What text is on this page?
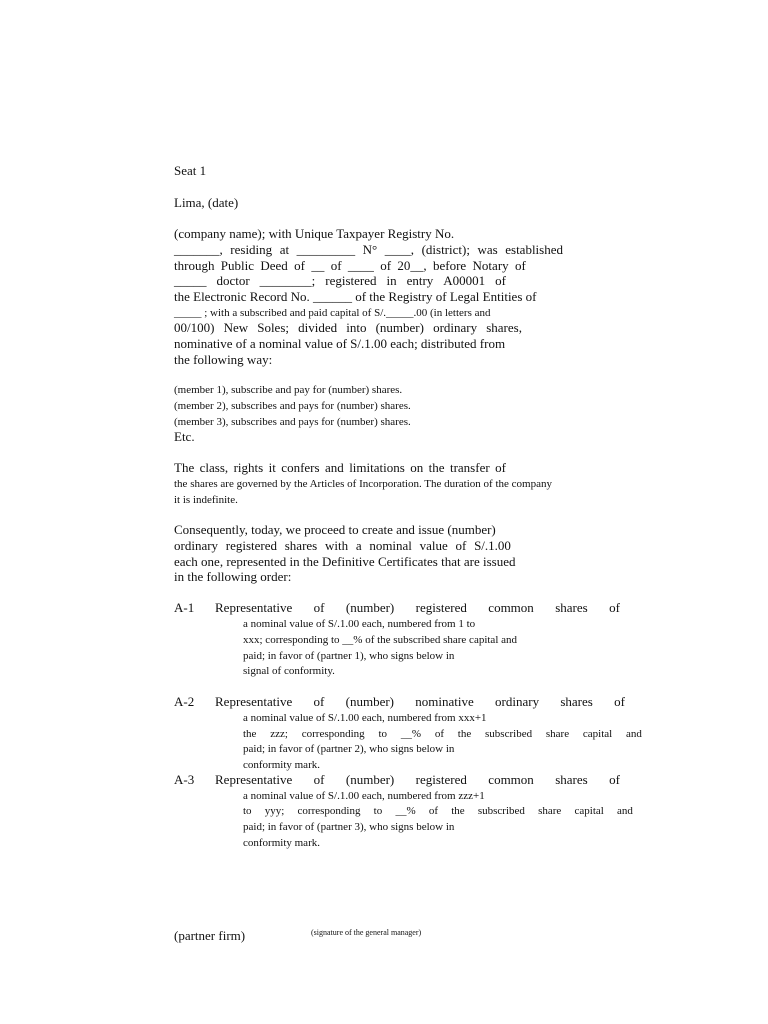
Seat 1
Lima, (date)
(company name); with Unique Taxpayer Registry No.
_______, residing at _________ N° ____, (district); was established
through Public Deed of __ of ____ of 20__, before Notary of
_____ doctor ________; registered in entry A00001 of
the Electronic Record No. ______ of the Registry of Legal Entities of
_____ ; with a subscribed and paid capital of S/._____.00 (in letters and
00/100) New Soles; divided into (number) ordinary shares,
nominative of a nominal value of S/.1.00 each; distributed from
the following way:
(member 1), subscribe and pay for (number) shares.
(member 2), subscribes and pays for (number) shares.
(member 3), subscribes and pays for (number) shares.
Etc.
The class, rights it confers and limitations on the transfer of
the shares are governed by the Articles of Incorporation. The duration of the company
it is indefinite.
Consequently, today, we proceed to create and issue (number)
ordinary registered shares with a nominal value of S/.1.00
each one, represented in the Definitive Certificates that are issued
in the following order:
A-1 Representative of (number) registered common shares of
a nominal value of S/.1.00 each, numbered from 1 to
xxx; corresponding to __% of the subscribed share capital and
paid; in favor of (partner 1), who signs below in
signal of conformity.
A-2 Representative of (number) nominative ordinary shares of
a nominal value of S/.1.00 each, numbered from xxx+1
the zzz; corresponding to __% of the subscribed share capital and
paid; in favor of (partner 2), who signs below in
conformity mark.
A-3 Representative of (number) registered common shares of
a nominal value of S/.1.00 each, numbered from zzz+1
to yyy; corresponding to __% of the subscribed share capital and
paid; in favor of (partner 3), who signs below in
conformity mark.
(partner firm)	(signature of the general manager)
